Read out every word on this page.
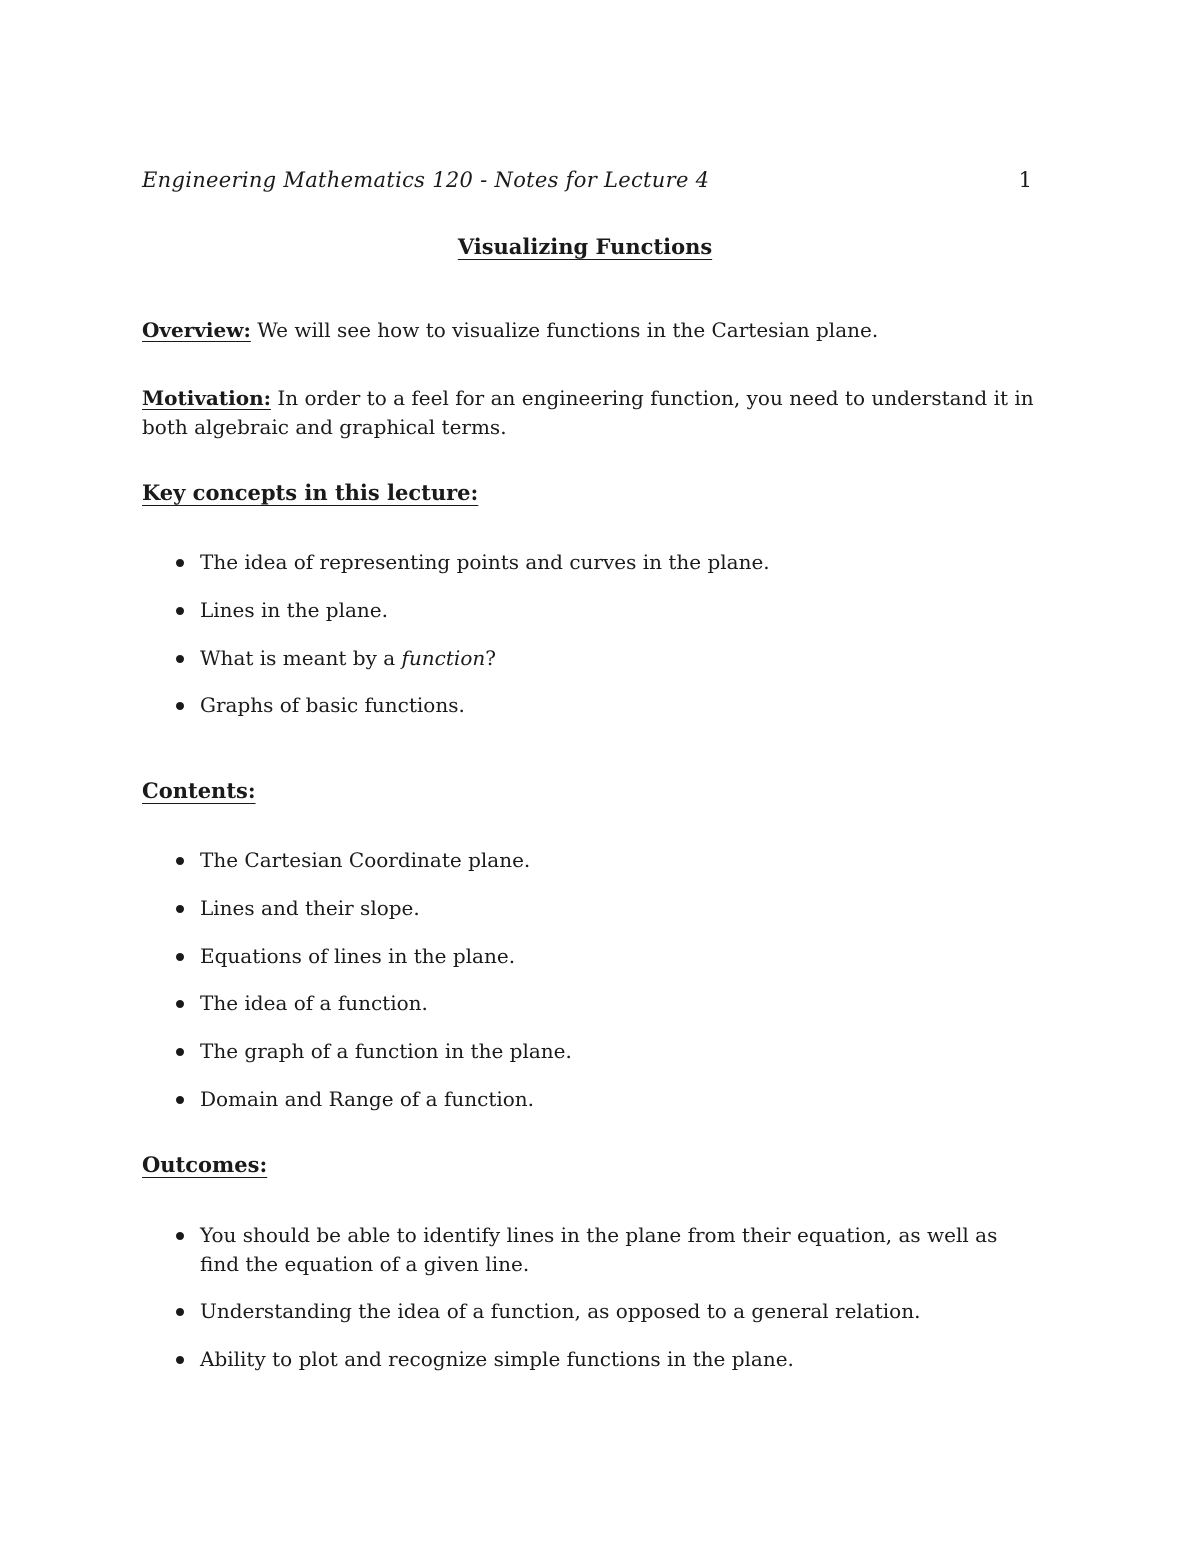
Engineering Mathematics 120 - Notes for Lecture 4	1
Visualizing Functions
Overview: We will see how to visualize functions in the Cartesian plane.
Motivation: In order to a feel for an engineering function, you need to understand it in both algebraic and graphical terms.
Key concepts in this lecture:
The idea of representing points and curves in the plane.
Lines in the plane.
What is meant by a function?
Graphs of basic functions.
Contents:
The Cartesian Coordinate plane.
Lines and their slope.
Equations of lines in the plane.
The idea of a function.
The graph of a function in the plane.
Domain and Range of a function.
Outcomes:
You should be able to identify lines in the plane from their equation, as well as find the equation of a given line.
Understanding the idea of a function, as opposed to a general relation.
Ability to plot and recognize simple functions in the plane.
